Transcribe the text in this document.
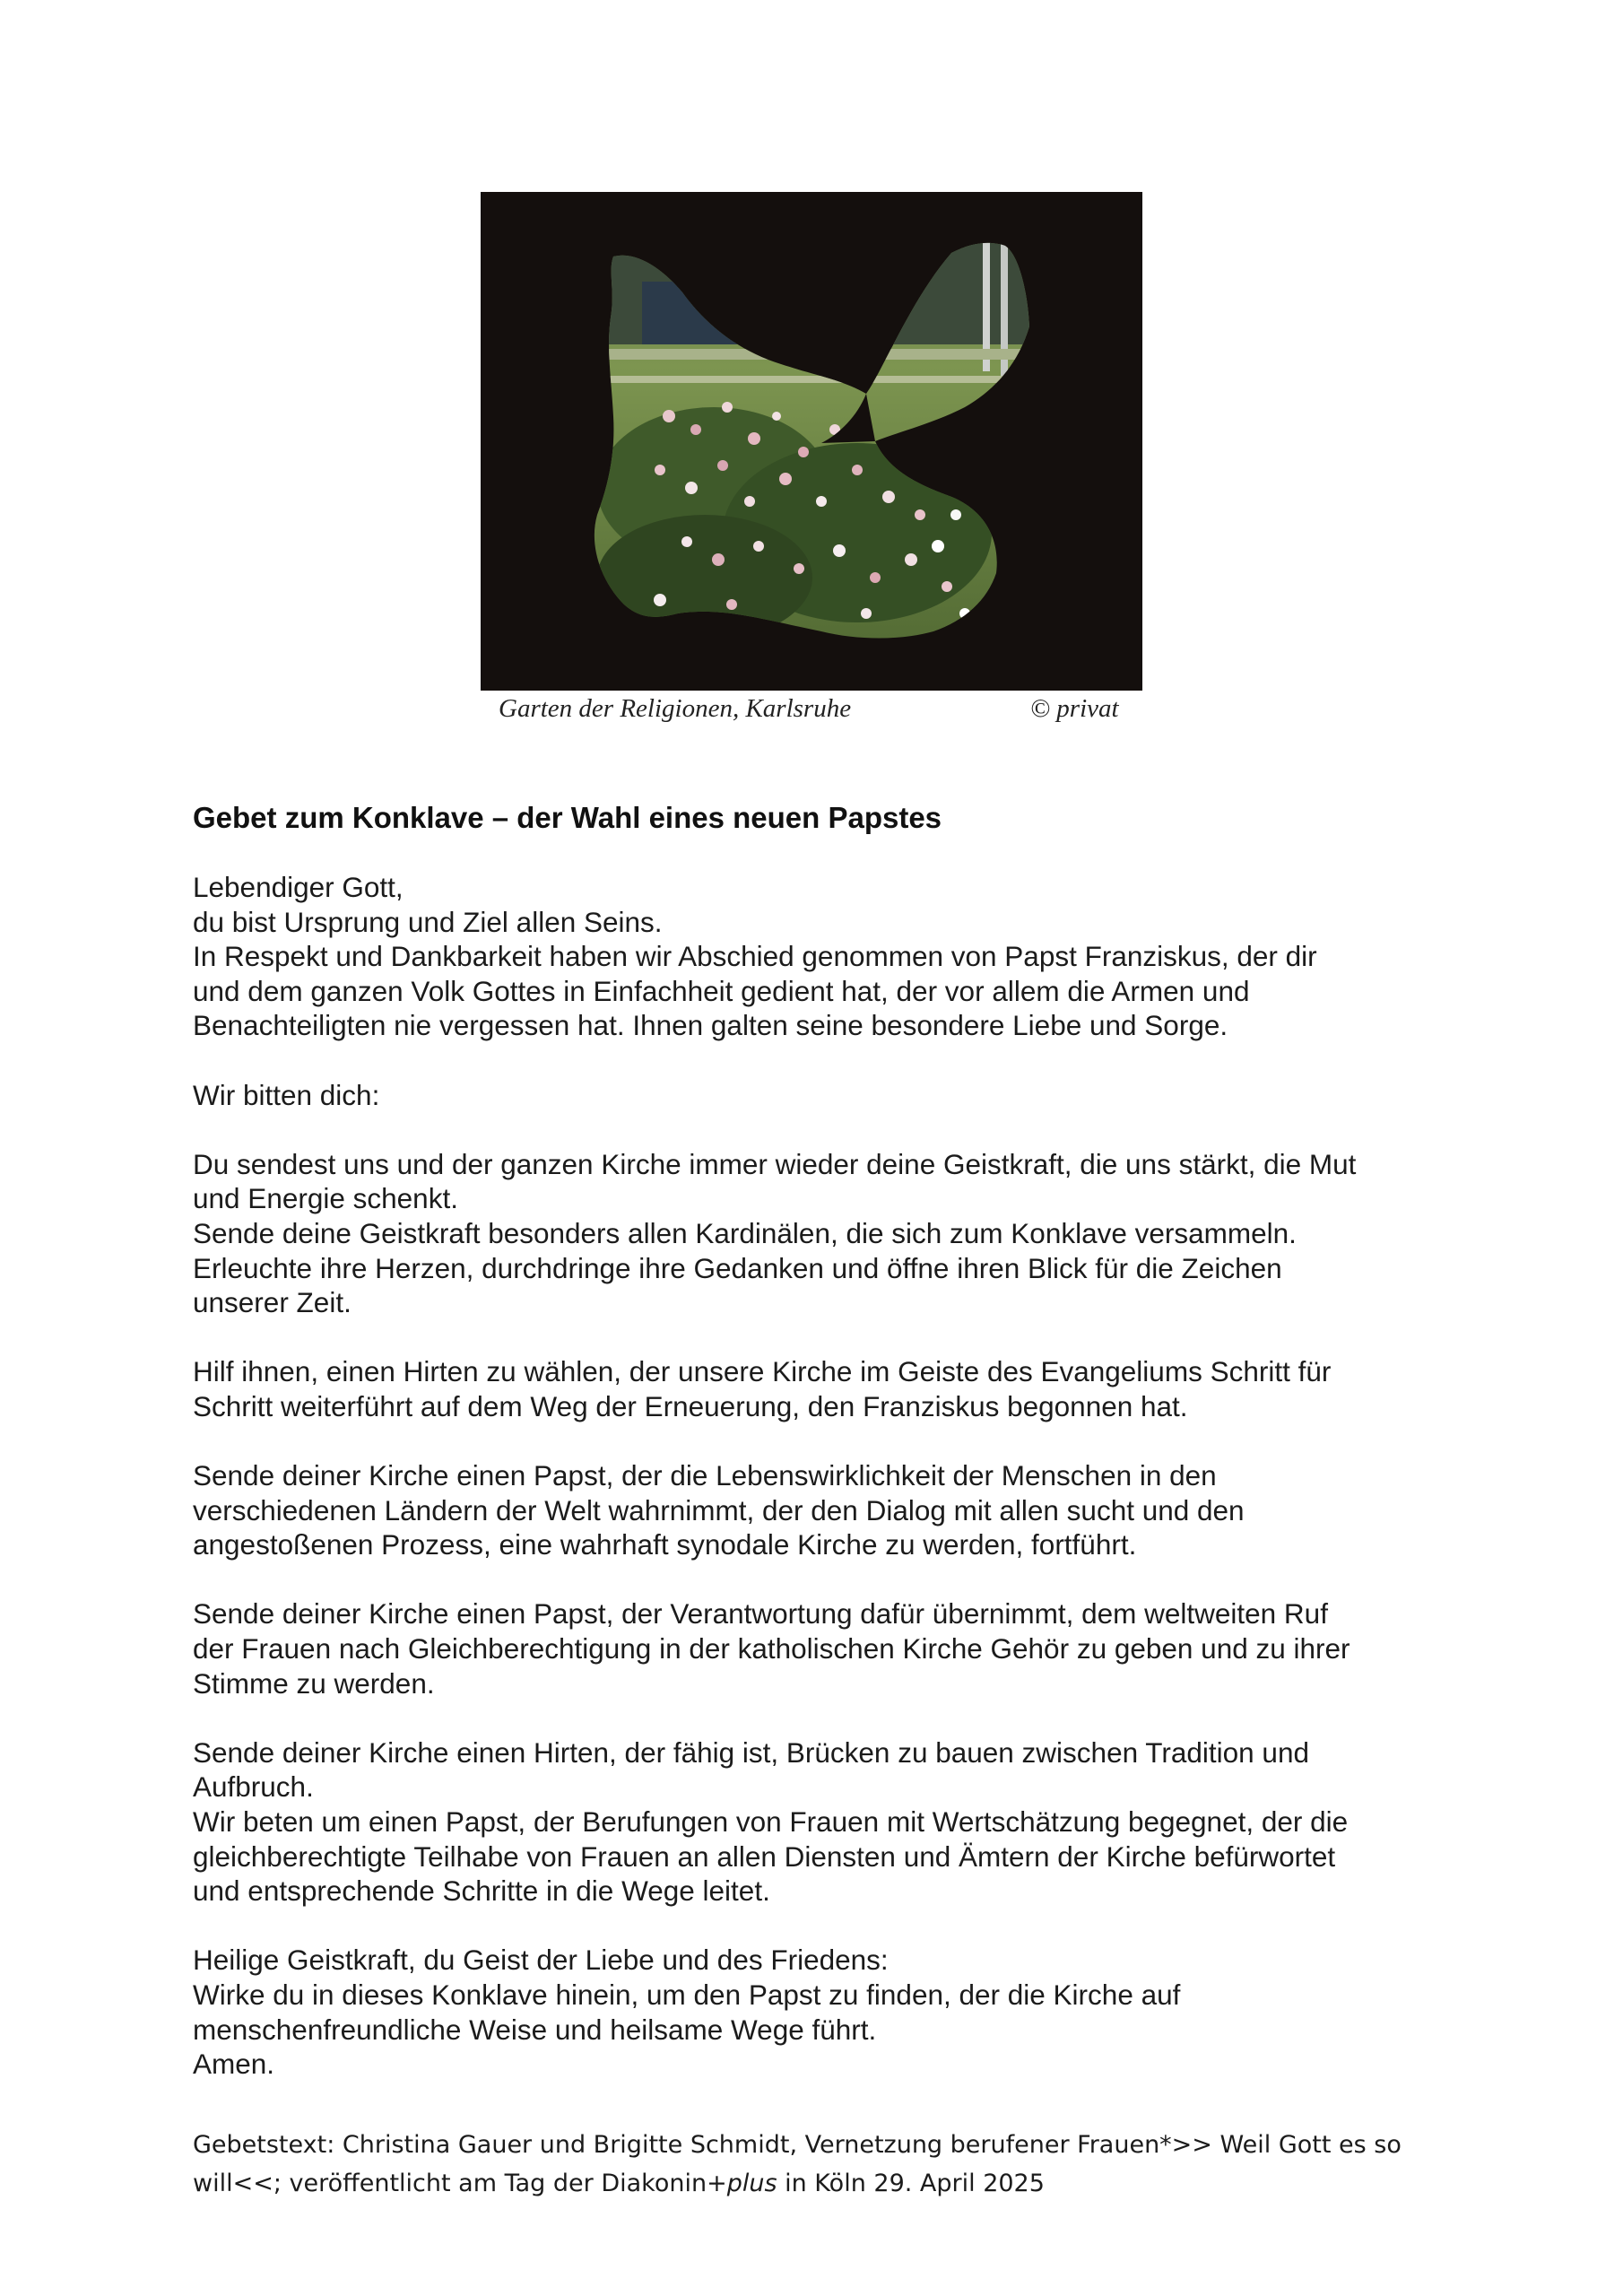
Garten der Religionen, Karlsruhe	© privat
Gebet zum Konklave – der Wahl eines neuen Papstes

Lebendiger Gott,
du bist Ursprung und Ziel allen Seins.
In Respekt und Dankbarkeit haben wir Abschied genommen von Papst Franziskus, der dir
und dem ganzen Volk Gottes in Einfachheit gedient hat, der vor allem die Armen und
Benachteiligten nie vergessen hat. Ihnen galten seine besondere Liebe und Sorge.

Wir bitten dich:

Du sendest uns und der ganzen Kirche immer wieder deine Geistkraft, die uns stärkt, die Mut
und Energie schenkt.
Sende deine Geistkraft besonders allen Kardinälen, die sich zum Konklave versammeln.
Erleuchte ihre Herzen, durchdringe ihre Gedanken und öffne ihren Blick für die Zeichen
unserer Zeit.

Hilf ihnen, einen Hirten zu wählen, der unsere Kirche im Geiste des Evangeliums Schritt für
Schritt weiterführt auf dem Weg der Erneuerung, den Franziskus begonnen hat.

Sende deiner Kirche einen Papst, der die Lebenswirklichkeit der Menschen in den
verschiedenen Ländern der Welt wahrnimmt, der den Dialog mit allen sucht und den
angestoßenen Prozess, eine wahrhaft synodale Kirche zu werden, fortführt.

Sende deiner Kirche einen Papst, der Verantwortung dafür übernimmt, dem weltweiten Ruf
der Frauen nach Gleichberechtigung in der katholischen Kirche Gehör zu geben und zu ihrer
Stimme zu werden.

Sende deiner Kirche einen Hirten, der fähig ist, Brücken zu bauen zwischen Tradition und
Aufbruch.
Wir beten um einen Papst, der Berufungen von Frauen mit Wertschätzung begegnet, der die
gleichberechtigte Teilhabe von Frauen an allen Diensten und Ämtern der Kirche befürwortet
und entsprechende Schritte in die Wege leitet.

Heilige Geistkraft, du Geist der Liebe und des Friedens:
Wirke du in dieses Konklave hinein, um den Papst zu finden, der die Kirche auf
menschenfreundliche Weise und heilsame Wege führt.
Amen.

Gebetstext: Christina Gauer und Brigitte Schmidt, Vernetzung berufener Frauen*>> Weil Gott es so
will<<; veröffentlicht am Tag der Diakonin+plus in Köln 29. April 2025
